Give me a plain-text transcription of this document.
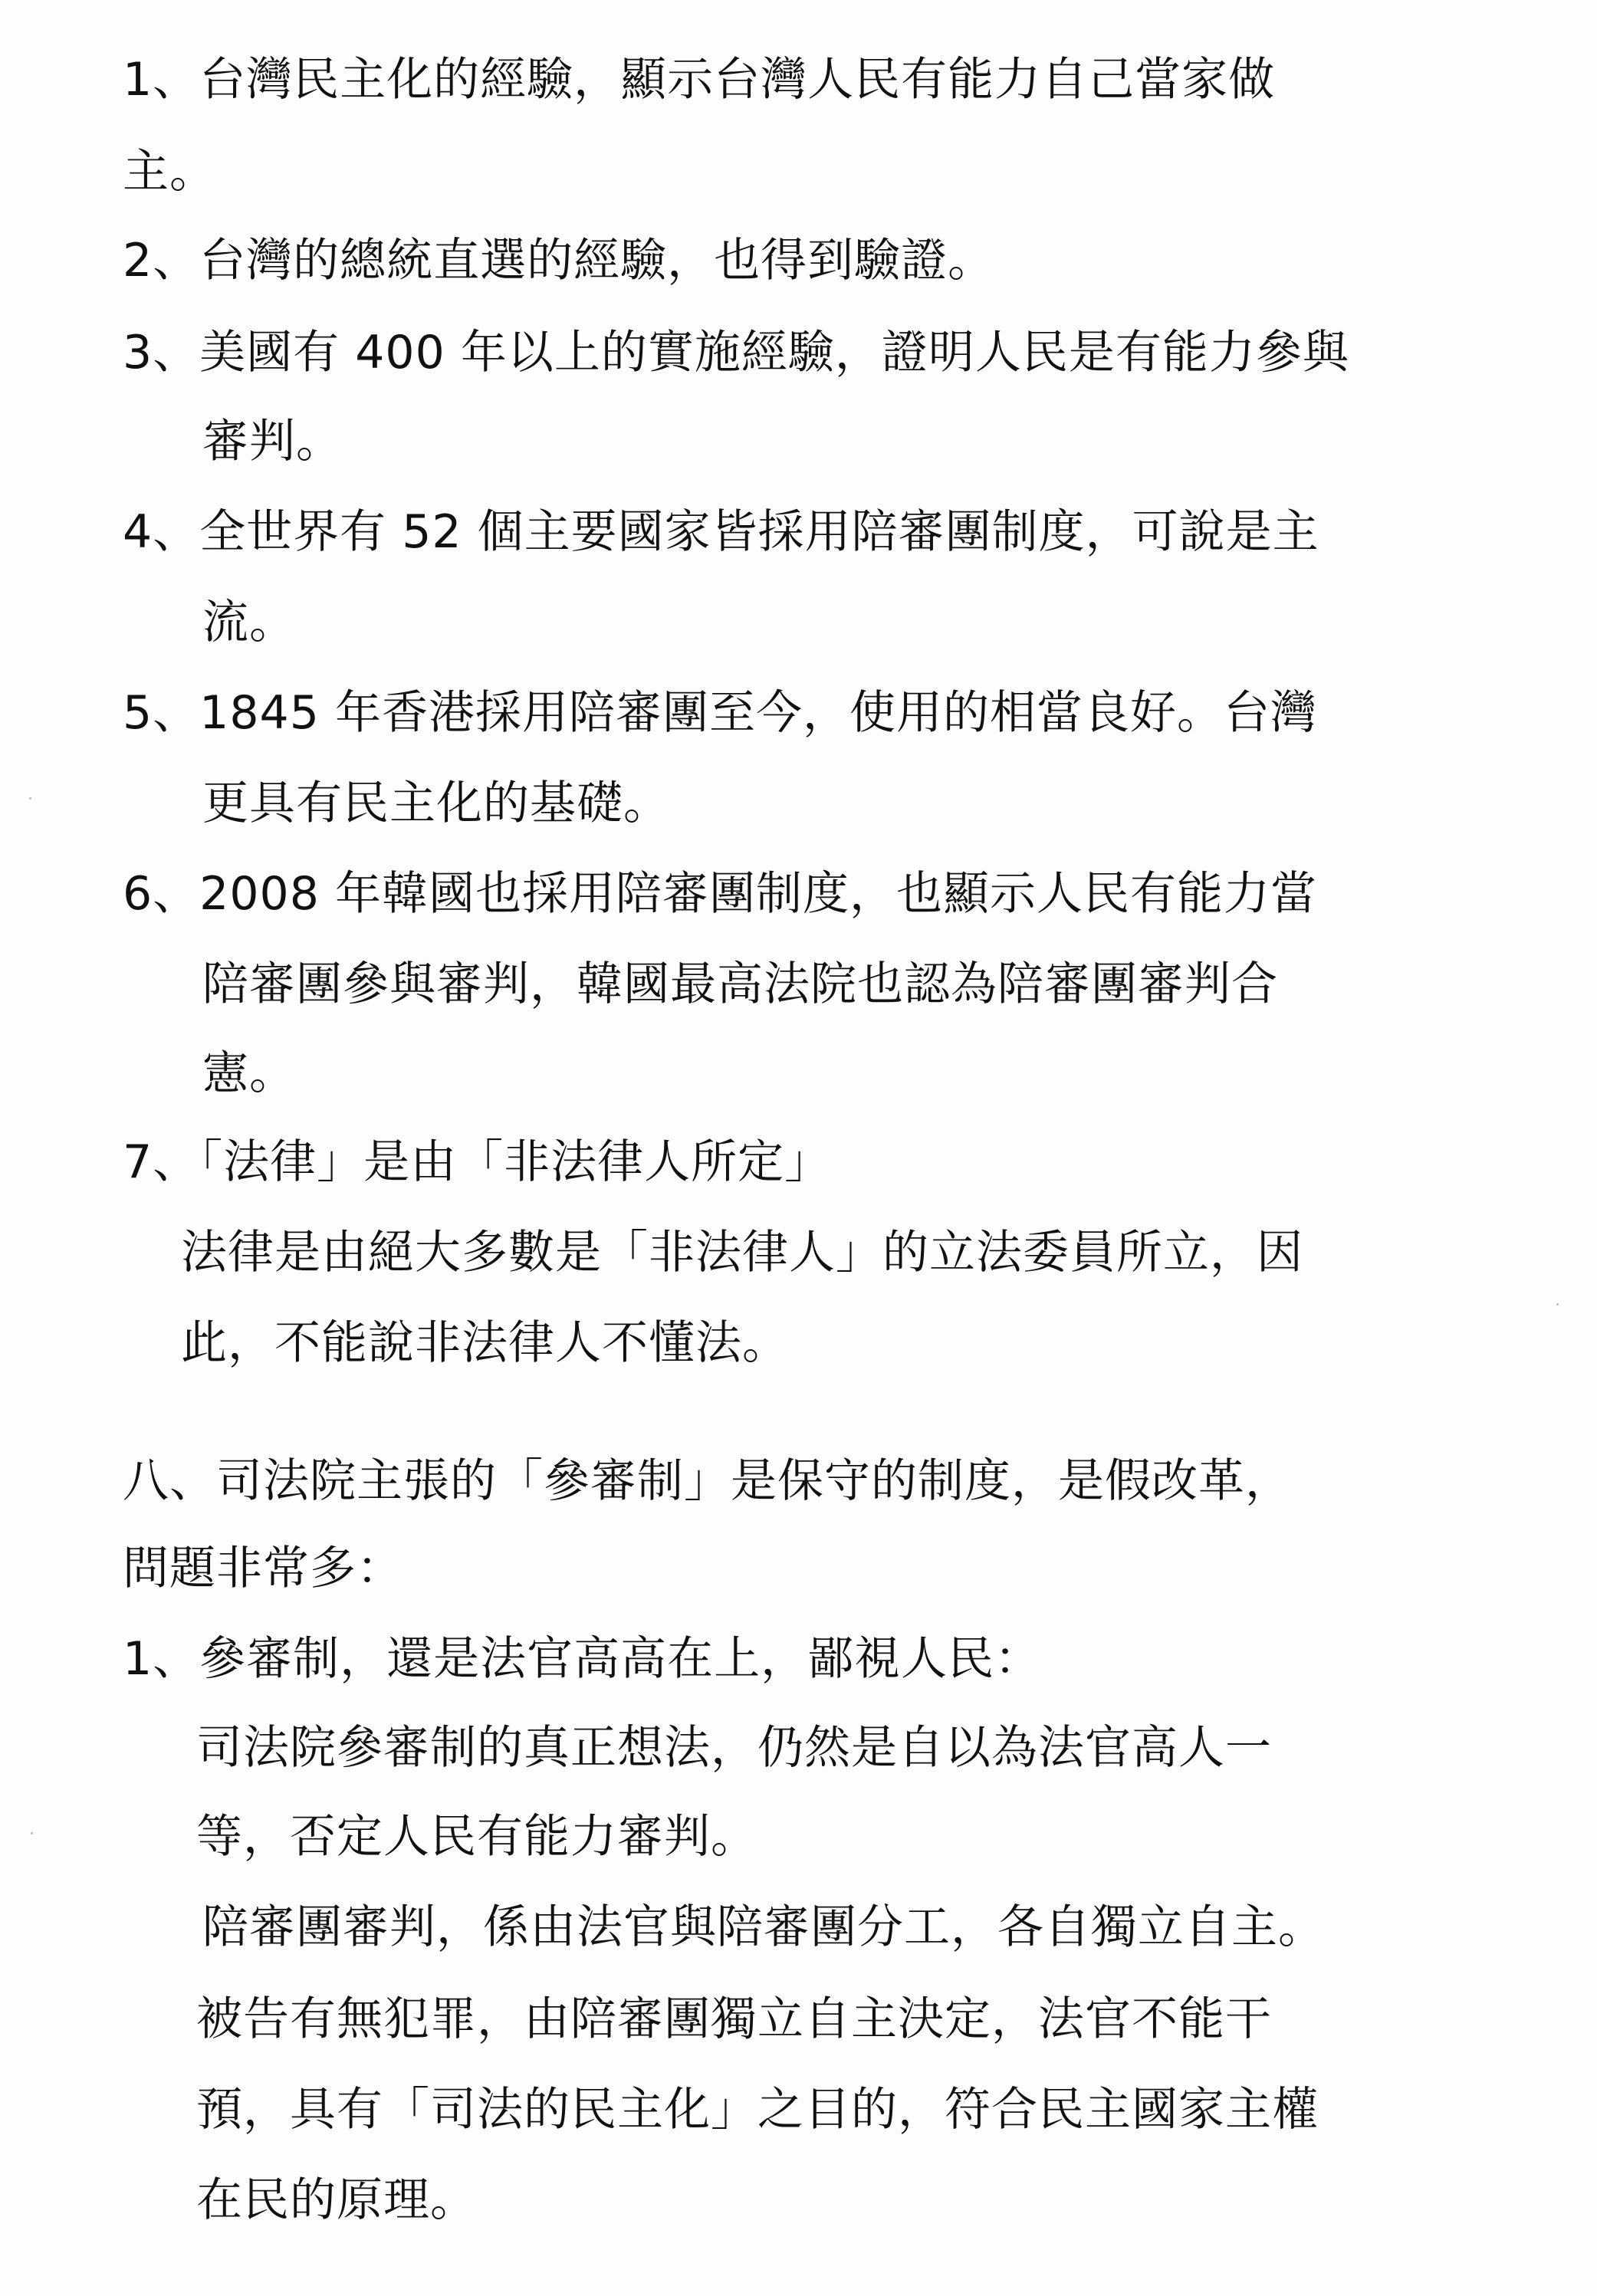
1、台灣民主化的經驗，顯示台灣人民有能力自己當家做
主。
2、台灣的總統直選的經驗，也得到驗證。
3、美國有 400 年以上的實施經驗，證明人民是有能力參與
審判。
4、全世界有 52 個主要國家皆採用陪審團制度，可說是主
流。
5、1845 年香港採用陪審團至今，使用的相當良好。台灣
更具有民主化的基礎。
6、2008 年韓國也採用陪審團制度，也顯示人民有能力當
陪審團參與審判，韓國最高法院也認為陪審團審判合
憲。
7、「法律」是由「非法律人所定」
法律是由絕大多數是「非法律人」的立法委員所立，因
此，不能說非法律人不懂法。
八、司法院主張的「參審制」是保守的制度，是假改革，
問題非常多：
1、參審制，還是法官高高在上，鄙視人民：
司法院參審制的真正想法，仍然是自以為法官高人一
等，否定人民有能力審判。
陪審團審判，係由法官與陪審團分工，各自獨立自主。
被告有無犯罪，由陪審團獨立自主決定，法官不能干
預，具有「司法的民主化」之目的，符合民主國家主權
在民的原理。
